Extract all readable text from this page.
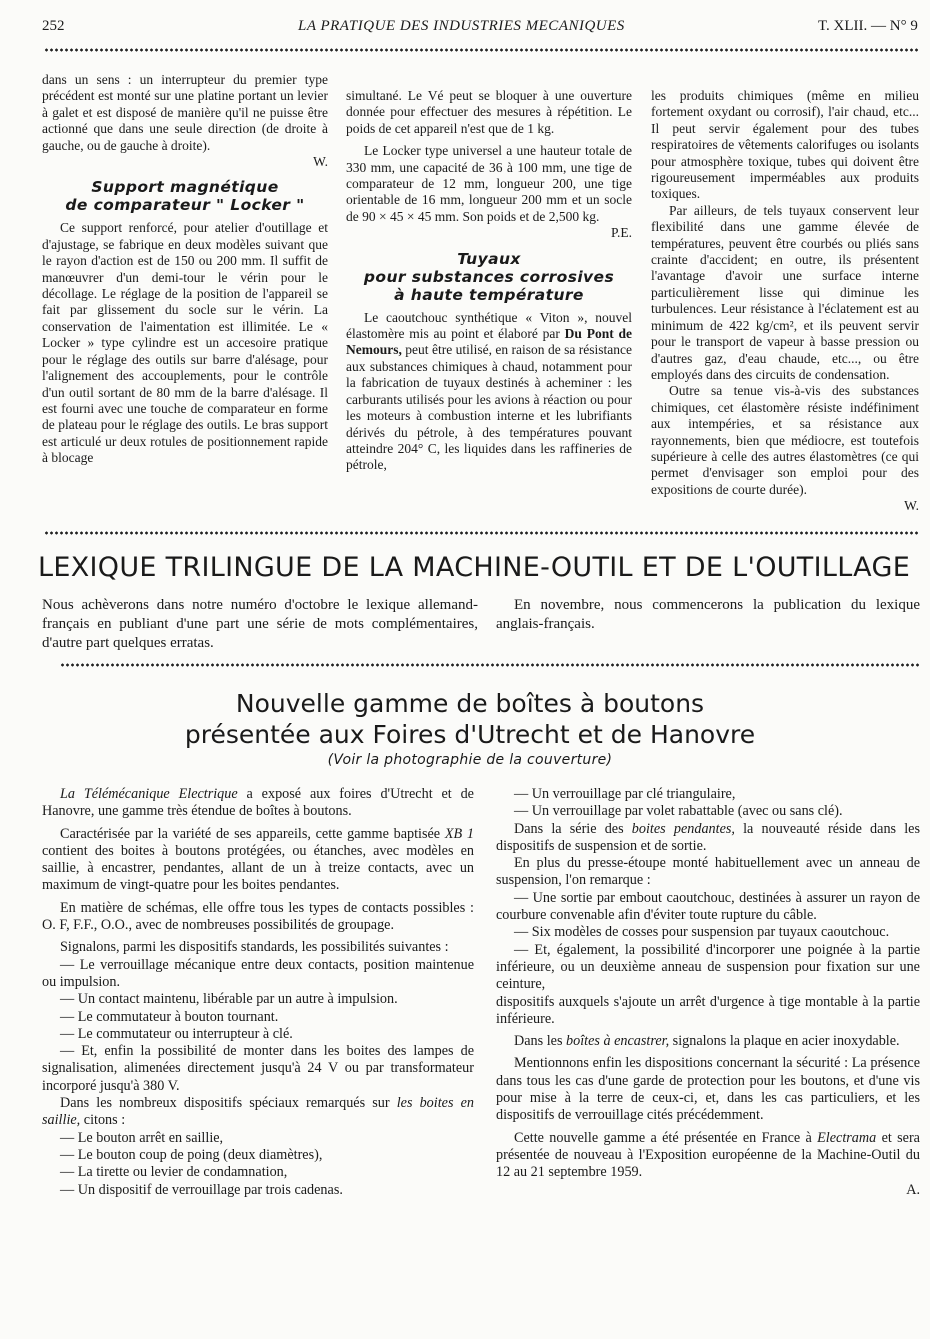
252	LA PRATIQUE DES INDUSTRIES MECANIQUES	T. XLII. — N° 9

dans un sens : un interrupteur du premier type précédent est monté sur une platine portant un levier à galet et est disposé de manière qu'il ne puisse être actionné que dans une seule direction (de droite à gauche, ou de gauche à droite).

W.

Support magnétique
de comparateur " Locker "

Ce support renforcé, pour atelier d'outillage et d'ajustage, se fabrique en deux modèles suivant que le rayon d'action est de 150 ou 200 mm. Il suffit de manœuvrer d'un demi-tour le vérin pour le décollage. Le réglage de la position de l'appareil se fait par glissement du socle sur le vérin. La conservation de l'aimentation est illimitée. Le « Locker » type cylindre est un accesoire pratique pour le réglage des outils sur barre d'alésage, pour l'alignement des accouplements, pour le contrôle d'un outil sortant de 80 mm de la barre d'alésage. Il est fourni avec une touche de comparateur en forme de plateau pour le réglage des outils. Le bras support est articulé ur deux rotules de positionnement rapide à blocage

simultané. Le Vé peut se bloquer à une ouverture donnée pour effectuer des mesures à répétition. Le poids de cet appareil n'est que de 1 kg.

Le Locker type universel a une hauteur totale de 330 mm, une capacité de 36 à 100 mm, une tige de comparateur de 12 mm, longueur 200, une tige orientable de 16 mm, longueur 200 mm et un socle de 90 × 45 × 45 mm. Son poids et de 2,500 kg.

P.E.

Tuyaux
pour substances corrosives
à haute température

Le caoutchouc synthétique « Viton », nouvel élastomère mis au point et élaboré par Du Pont de Nemours, peut être utilisé, en raison de sa résistance aux substances chimiques à chaud, notamment pour la fabrication de tuyaux destinés à acheminer : les carburants utilisés pour les avions à réaction ou pour les moteurs à combustion interne et les lubrifiants dérivés du pétrole, à des températures pouvant atteindre 204° C, les liquides dans les raffineries de pétrole,

les produits chimiques (même en milieu fortement oxydant ou corrosif), l'air chaud, etc... Il peut servir également pour des tubes respiratoires de vêtements calorifuges ou isolants pour atmosphère toxique, tubes qui doivent être rigoureusement imperméables aux produits toxiques.

Par ailleurs, de tels tuyaux conservent leur flexibilité dans une gamme élevée de températures, peuvent être courbés ou pliés sans crainte d'accident; en outre, ils présentent l'avantage d'avoir une surface interne particulièrement lisse qui diminue les turbulences. Leur résistance à l'éclatement est au minimum de 422 kg/cm², et ils peuvent servir pour le transport de vapeur à basse pression ou d'autres gaz, d'eau chaude, etc..., ou être employés dans des circuits de condensation.

Outre sa tenue vis-à-vis des substances chimiques, cet élastomère résiste indéfiniment aux intempéries, et sa résistance aux rayonnements, bien que médiocre, est toutefois supérieure à celle des autres élastomètres (ce qui permet d'envisager son emploi pour des expositions de courte durée).

W.

LEXIQUE TRILINGUE DE LA MACHINE-OUTIL ET DE L'OUTILLAGE
Nous achèverons dans notre numéro d'octobre le lexique allemand-français en publiant d'une part une série de mots complémentaires, d'autre part quelques erratas.
En novembre, nous commencerons la publication du lexique anglais-français.
Nouvelle gamme de boîtes à boutons
présentée aux Foires d'Utrecht et de Hanovre
(Voir la photographie de la couverture)

La Télémécanique Electrique a exposé aux foires d'Utrecht et de Hanovre, une gamme très étendue de boîtes à boutons.

Caractérisée par la variété de ses appareils, cette gamme baptisée XB 1 contient des boites à boutons protégées, ou étanches, avec modèles en saillie, à encastrer, pendantes, allant de un à treize contacts, avec un maximum de vingt-quatre pour les boites pendantes.

En matière de schémas, elle offre tous les types de contacts possibles : O. F, F.F., O.O., avec de nombreuses possibilités de groupage.

Signalons, parmi les dispositifs standards, les possibilités suivantes :

— Le verrouillage mécanique entre deux contacts, position maintenue ou impulsion.

— Un contact maintenu, libérable par un autre à impulsion.

— Le commutateur à bouton tournant.

— Le commutateur ou interrupteur à clé.

— Et, enfin la possibilité de monter dans les boites des lampes de signalisation, alimenées directement jusqu'à 24 V ou par transformateur incorporé jusqu'à 380 V.

Dans les nombreux dispositifs spéciaux remarqués sur les boites en saillie, citons :

— Le bouton arrêt en saillie,

— Le bouton coup de poing (deux diamètres),

— La tirette ou levier de condamnation,

— Un dispositif de verrouillage par trois cadenas.

— Un verrouillage par clé triangulaire,

— Un verrouillage par volet rabattable (avec ou sans clé).

Dans la série des boites pendantes, la nouveauté réside dans les dispositifs de suspension et de sortie.

En plus du presse-étoupe monté habituellement avec un anneau de suspension, l'on remarque :

— Une sortie par embout caoutchouc, destinées à assurer un rayon de courbure convenable afin d'éviter toute rupture du câble.

— Six modèles de cosses pour suspension par tuyaux caoutchouc.

— Et, également, la possibilité d'incorporer une poignée à la partie inférieure, ou un deuxième anneau de suspension pour fixation sur une ceinture,

dispositifs auxquels s'ajoute un arrêt d'urgence à tige montable à la partie inférieure.

Dans les boîtes à encastrer, signalons la plaque en acier inoxydable.

Mentionnons enfin les dispositions concernant la sécurité : La présence dans tous les cas d'une garde de protection pour les boutons, et d'une vis pour mise à la terre de ceux-ci, et, dans les cas particuliers, et les dispositifs de verrouillage cités précédemment.

Cette nouvelle gamme a été présentée en France à Electrama et sera présentée de nouveau à l'Exposition européenne de la Machine-Outil du 12 au 21 septembre 1959.

A.
